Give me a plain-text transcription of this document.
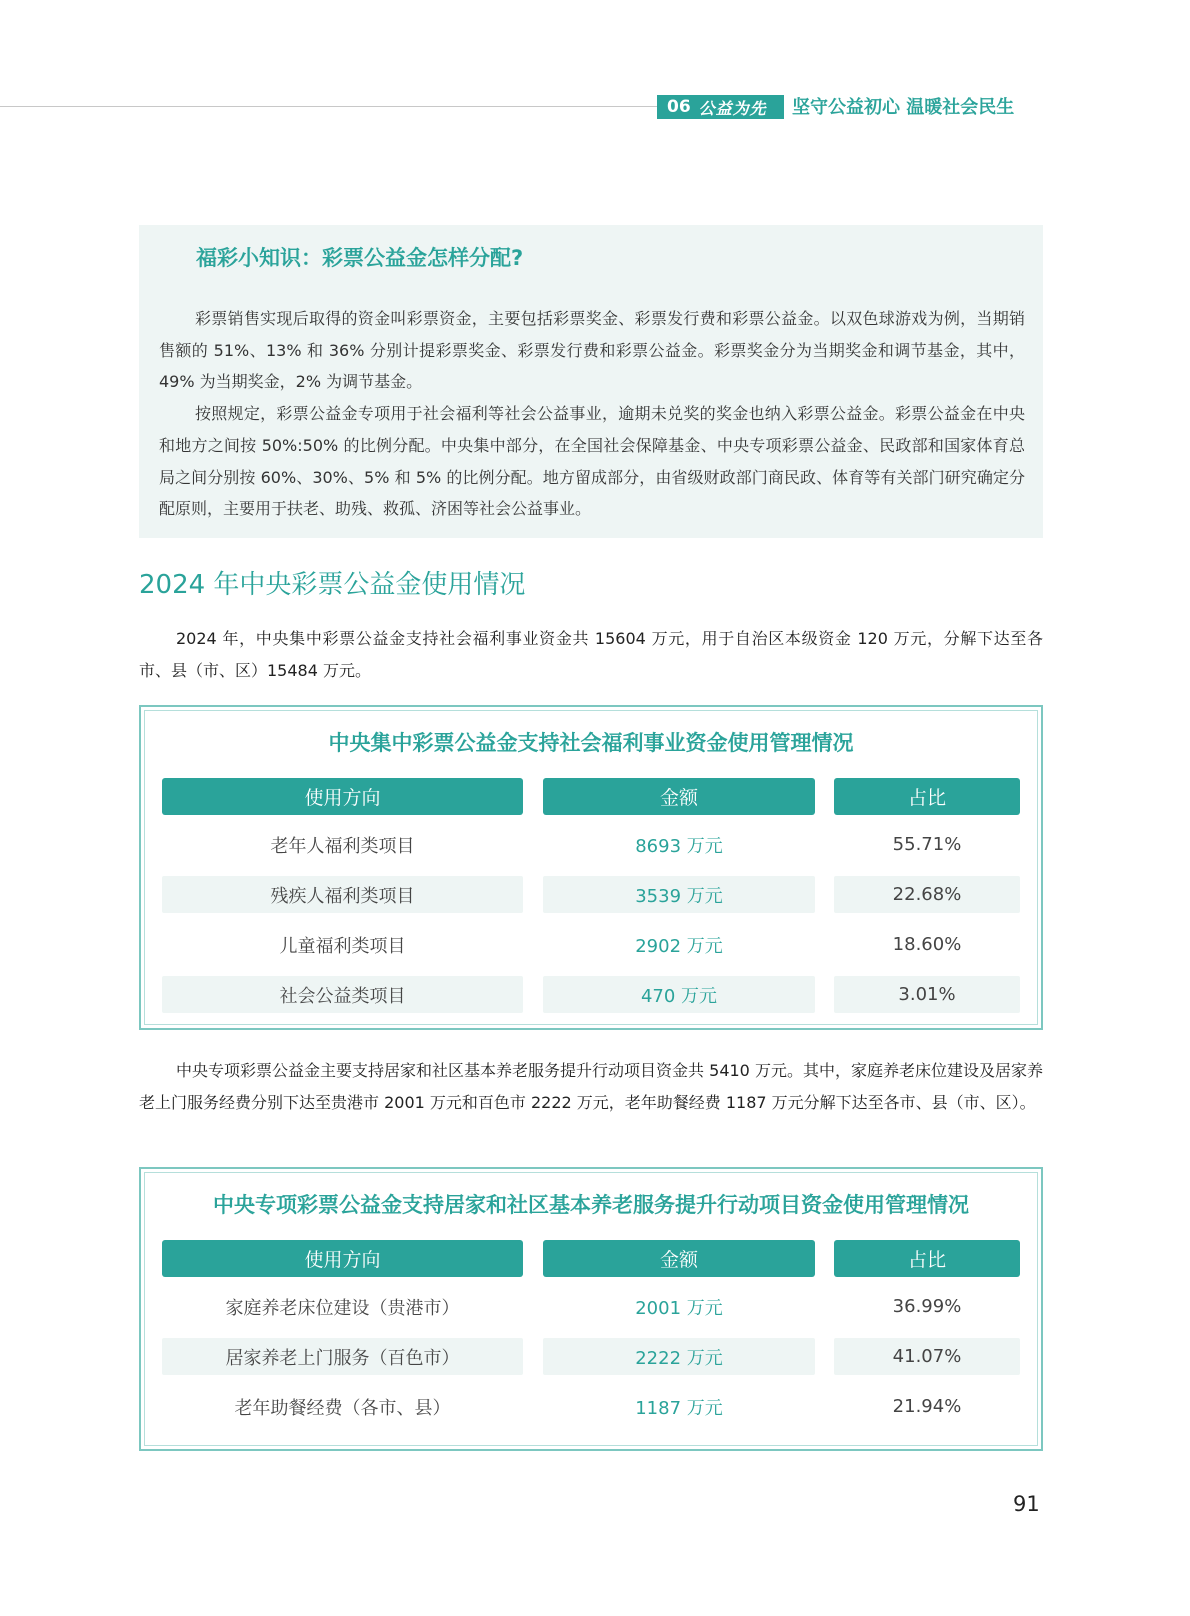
06 公益为先 坚守公益初心 温暖社会民生
福彩小知识：彩票公益金怎样分配?

彩票销售实现后取得的资金叫彩票资金，主要包括彩票奖金、彩票发行费和彩票公益金。以双色球游戏为例，当期销售额的 51%、13% 和 36% 分别计提彩票奖金、彩票发行费和彩票公益金。彩票奖金分为当期奖金和调节基金，其中，49% 为当期奖金，2% 为调节基金。

按照规定，彩票公益金专项用于社会福利等社会公益事业，逾期未兑奖的奖金也纳入彩票公益金。彩票公益金在中央和地方之间按 50%:50% 的比例分配。中央集中部分，在全国社会保障基金、中央专项彩票公益金、民政部和国家体育总局之间分别按 60%、30%、5% 和 5% 的比例分配。地方留成部分，由省级财政部门商民政、体育等有关部门研究确定分配原则，主要用于扶老、助残、救孤、济困等社会公益事业。

2024 年中央彩票公益金使用情况

2024 年，中央集中彩票公益金支持社会福利事业资金共 15604 万元，用于自治区本级资金 120 万元，分解下达至各市、县（市、区）15484 万元。

中央集中彩票公益金支持社会福利事业资金使用管理情况
使用方向	金额	占比
老年人福利类项目	8693 万元	55.71%
残疾人福利类项目	3539 万元	22.68%
儿童福利类项目	2902 万元	18.60%
社会公益类项目	470 万元	3.01%

中央专项彩票公益金主要支持居家和社区基本养老服务提升行动项目资金共 5410 万元。其中，家庭养老床位建设及居家养老上门服务经费分别下达至贵港市 2001 万元和百色市 2222 万元，老年助餐经费 1187 万元分解下达至各市、县（市、区）。

中央专项彩票公益金支持居家和社区基本养老服务提升行动项目资金使用管理情况
使用方向	金额	占比
家庭养老床位建设（贵港市）	2001 万元	36.99%
居家养老上门服务（百色市）	2222 万元	41.07%
老年助餐经费（各市、县）	1187 万元	21.94%
91
